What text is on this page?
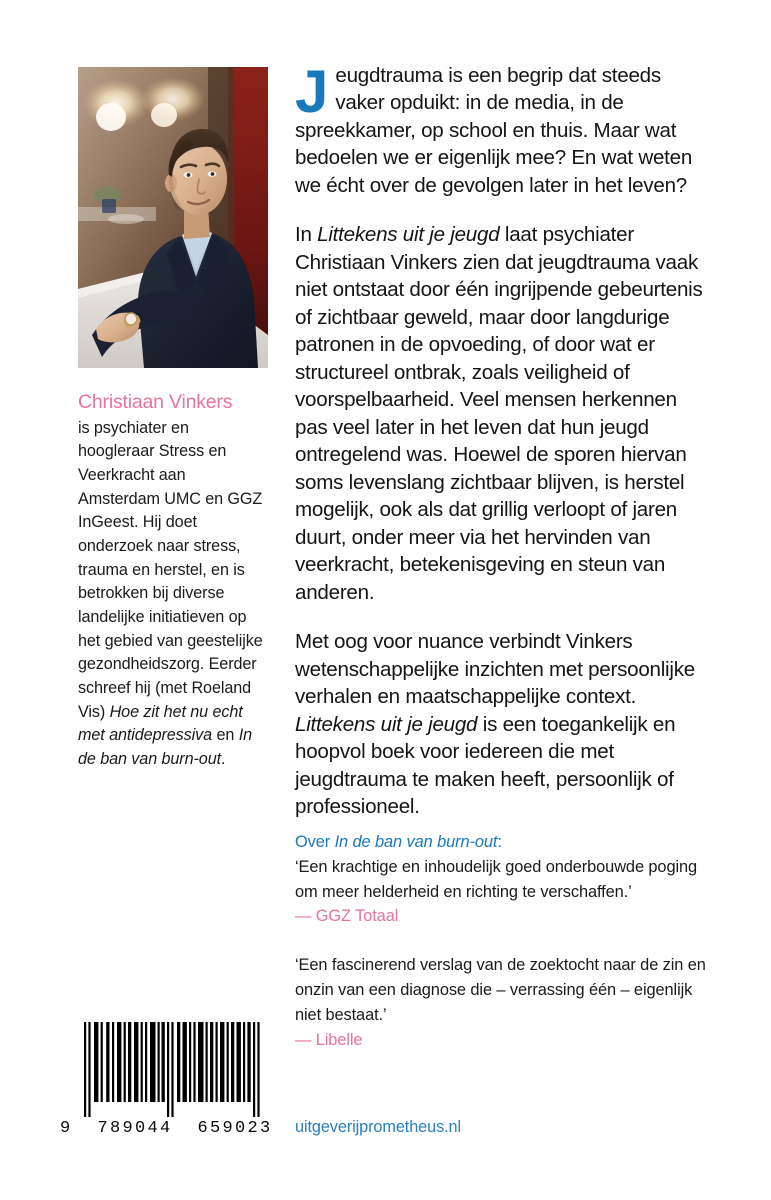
Christiaan Vinkers
is psychiater en hoogleraar Stress en Veerkracht aan Amsterdam UMC en GGZ InGeest. Hij doet onderzoek naar stress, trauma en herstel, en is betrokken bij diverse landelijke initiatieven op het gebied van geestelijke gezondheidszorg. Eerder schreef hij (met Roeland Vis) Hoe zit het nu echt met antidepressiva en In de ban van burn-out.

Jeugdtrauma is een begrip dat steeds vaker opduikt: in de media, in de spreekkamer, op school en thuis. Maar wat bedoelen we er eigenlijk mee? En wat weten we écht over de gevolgen later in het leven?

In Littekens uit je jeugd laat psychiater Christiaan Vinkers zien dat jeugdtrauma vaak niet ontstaat door één ingrijpende gebeurtenis of zichtbaar geweld, maar door langdurige patronen in de opvoeding, of door wat er structureel ontbrak, zoals veiligheid of voorspelbaarheid. Veel mensen herkennen pas veel later in het leven dat hun jeugd ontregelend was. Hoewel de sporen hiervan soms levenslang zichtbaar blijven, is herstel mogelijk, ook als dat grillig verloopt of jaren duurt, onder meer via het hervinden van veerkracht, betekenisgeving en steun van anderen.

Met oog voor nuance verbindt Vinkers wetenschappelijke inzichten met persoonlijke verhalen en maatschappelijke context. Littekens uit je jeugd is een toegankelijk en hoopvol boek voor iedereen die met jeugdtrauma te maken heeft, persoonlijk of professioneel.

Over In de ban van burn-out:
‘Een krachtige en inhoudelijk goed onderbouwde poging om meer helderheid en richting te verschaffen.’
— GGZ Totaal
‘Een fascinerend verslag van de zoektocht naar de zin en onzin van een diagnose die – verrassing één – eigenlijk niet bestaat.’
— Libelle
9  789044  659023	uitgeverijprometheus.nl
